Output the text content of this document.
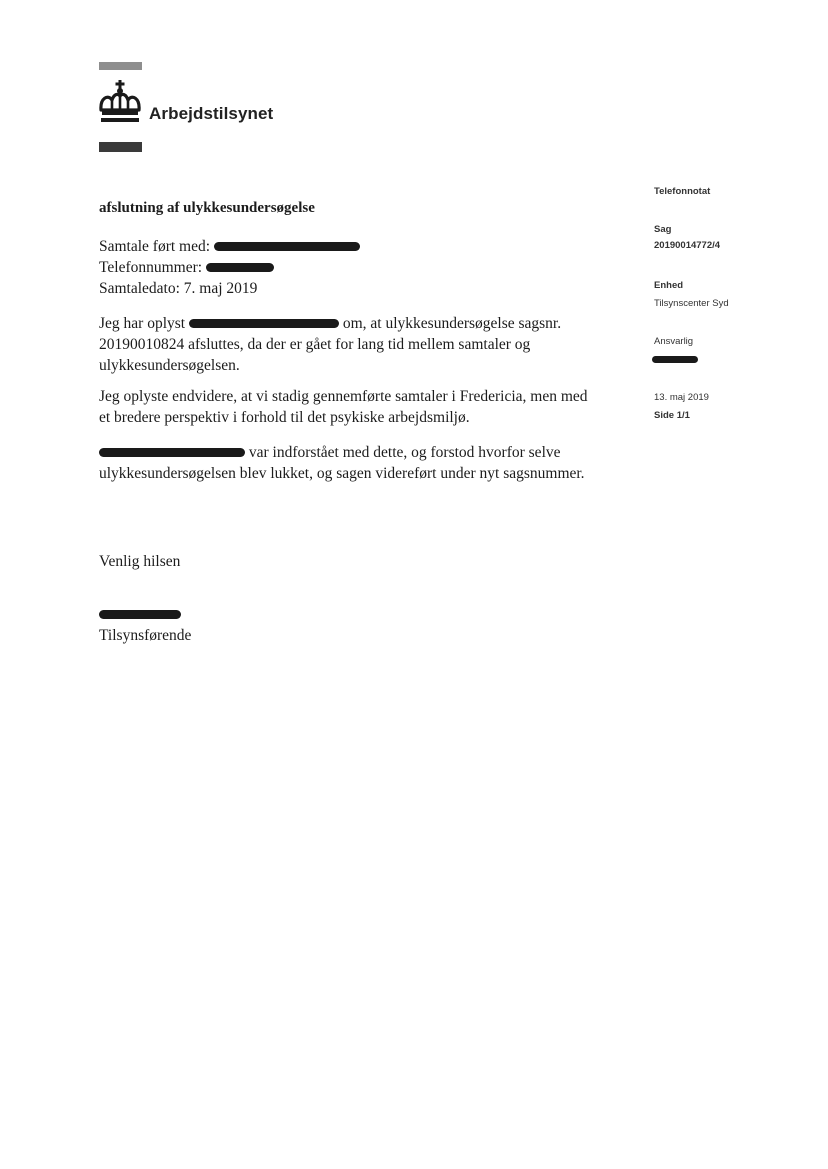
Arbejdstilsynet
afslutning af ulykkesundersøgelse
Samtale ført med:
Telefonnummer:
Samtaledato: 7. maj 2019
Jeg har oplyst	om, at ulykkesundersøgelse sagsnr.
20190010824 afsluttes, da der er gået for lang tid mellem samtaler og
ulykkesundersøgelsen.
Jeg oplyste endvidere, at vi stadig gennemførte samtaler i Fredericia, men med
et bredere perspektiv i forhold til det psykiske arbejdsmiljø.
var indforstået med dette, og forstod hvorfor selve
ulykkesundersøgelsen blev lukket, og sagen videreført under nyt sagsnummer.
Venlig hilsen
Tilsynsførende
Telefonnotat
Sag
20190014772/4
Enhed
Tilsynscenter Syd
Ansvarlig
13. maj 2019
Side 1/1
